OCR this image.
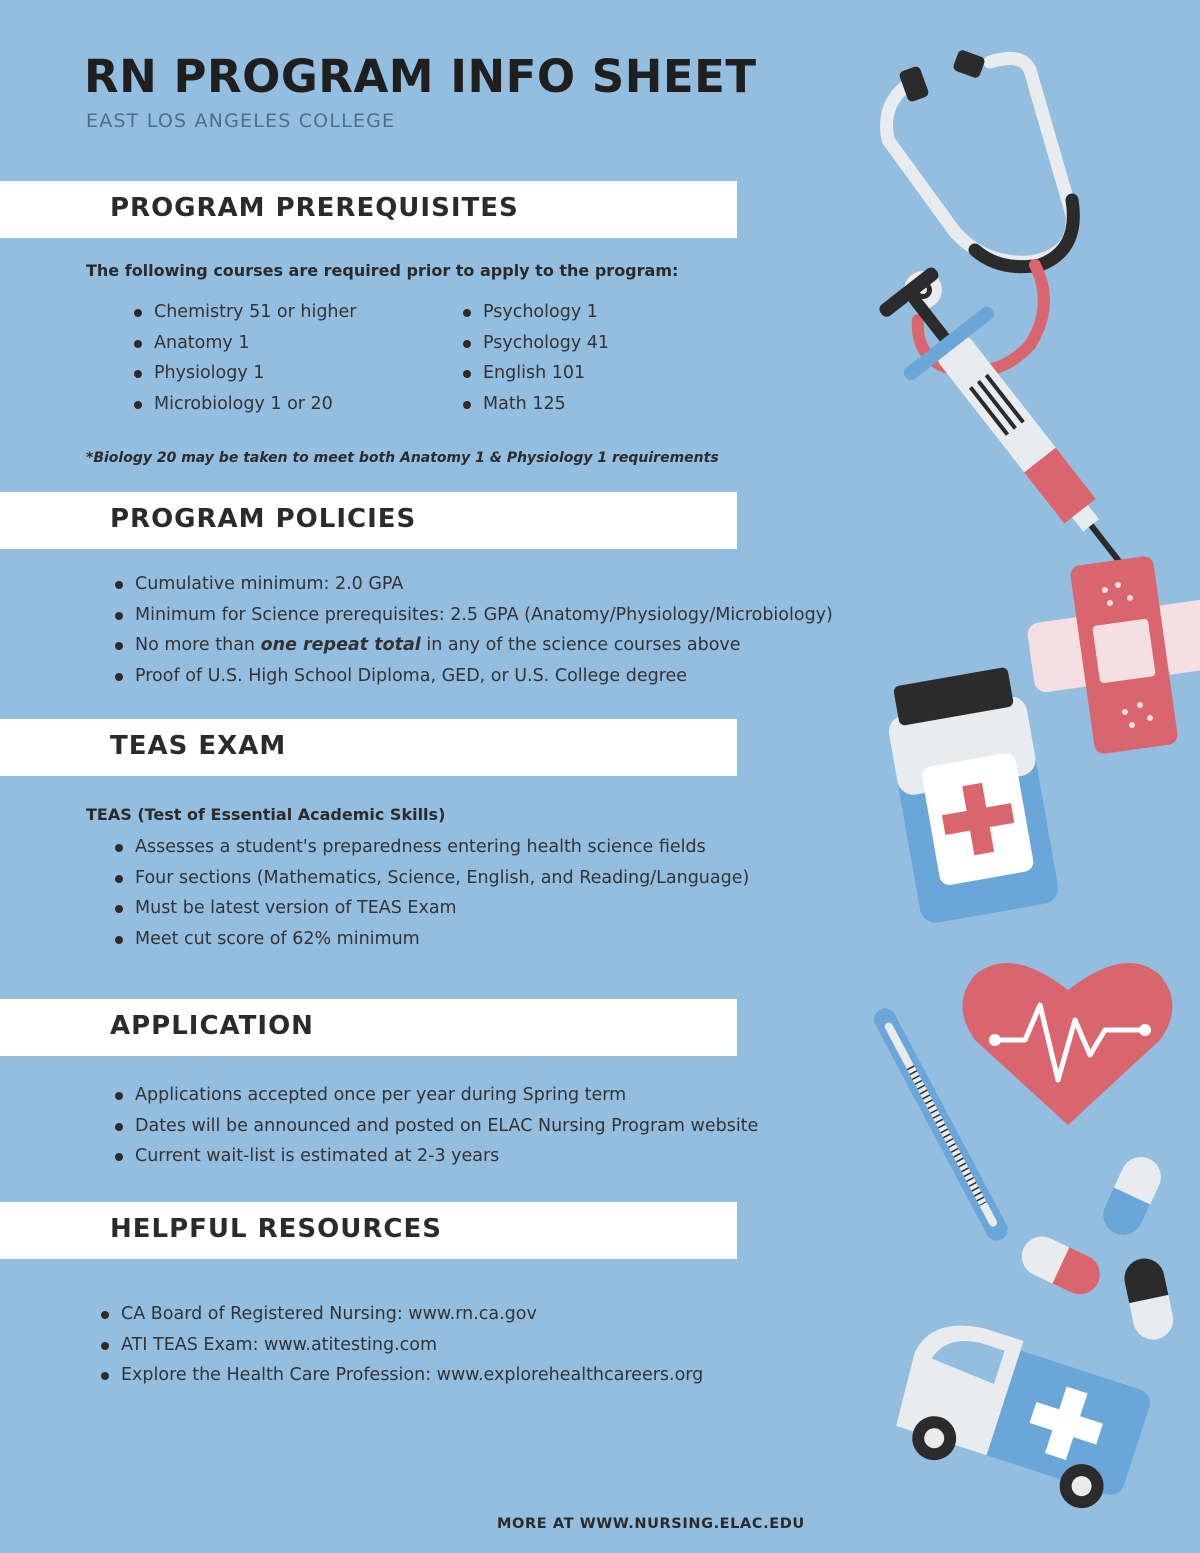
RN PROGRAM INFO SHEET
EAST LOS ANGELES COLLEGE
PROGRAM PREREQUISITES
The following courses are required prior to apply to the program:
Chemistry 51 or higher
Anatomy 1
Physiology 1
Microbiology 1 or 20
Psychology 1
Psychology 41
English 101
Math 125
*Biology 20 may be taken to meet both Anatomy 1 & Physiology 1 requirements
PROGRAM POLICIES
Cumulative minimum: 2.0 GPA
Minimum for Science prerequisites: 2.5 GPA (Anatomy/Physiology/Microbiology)
No more than one repeat total in any of the science courses above
Proof of U.S. High School Diploma, GED, or U.S. College degree
TEAS EXAM
TEAS (Test of Essential Academic Skills)
Assesses a student's preparedness entering health science fields
Four sections (Mathematics, Science, English, and Reading/Language)
Must be latest version of TEAS Exam
Meet cut score of 62% minimum
APPLICATION
Applications accepted once per year during Spring term
Dates will be announced and posted on ELAC Nursing Program website
Current wait-list is estimated at 2-3 years
HELPFUL RESOURCES
CA Board of Registered Nursing: www.rn.ca.gov
ATI TEAS Exam: www.atitesting.com
Explore the Health Care Profession: www.explorehealthcareers.org
MORE AT WWW.NURSING.ELAC.EDU
